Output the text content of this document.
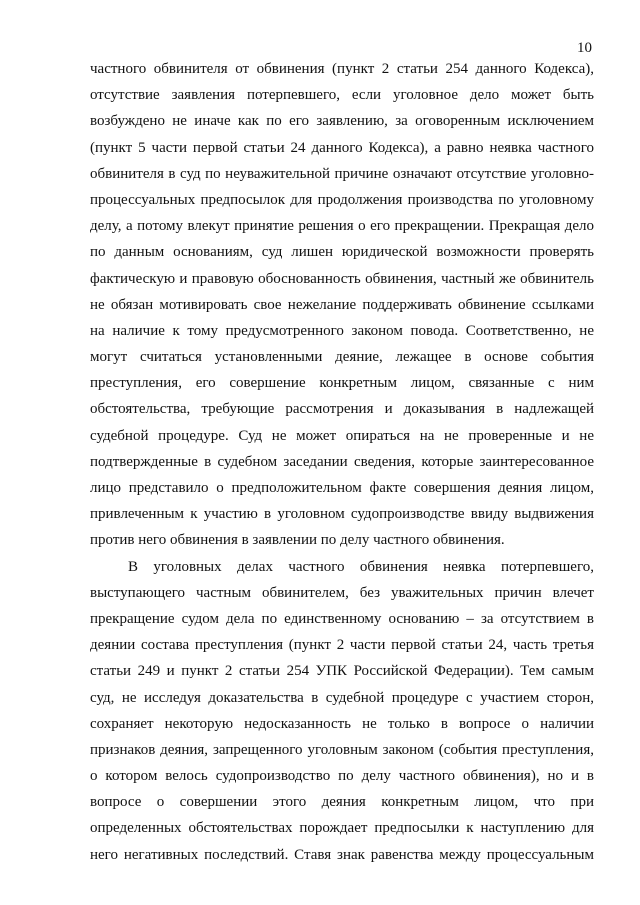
10
частного обвинителя от обвинения (пункт 2 статьи 254 данного Кодекса),
отсутствие заявления потерпевшего, если уголовное дело может быть
возбуждено не иначе как по его заявлению, за оговоренным исключением
(пункт 5 части первой статьи 24 данного Кодекса), а равно неявка частного
обвинителя в суд по неуважительной причине означают отсутствие уголовно-
процессуальных предпосылок для продолжения производства по уголовному
делу, а потому влекут принятие решения о его прекращении. Прекращая дело
по данным основаниям, суд лишен юридической возможности проверять
фактическую и правовую обоснованность обвинения, частный же обвинитель
не обязан мотивировать свое нежелание поддерживать обвинение ссылками
на наличие к тому предусмотренного законом повода. Соответственно, не
могут считаться установленными деяние, лежащее в основе события
преступления, его совершение конкретным лицом, связанные с ним
обстоятельства, требующие рассмотрения и доказывания в надлежащей
судебной процедуре. Суд не может опираться на не проверенные и не
подтвержденные в судебном заседании сведения, которые заинтересованное
лицо представило о предположительном факте совершения деяния лицом,
привлеченным к участию в уголовном судопроизводстве ввиду выдвижения
против него обвинения в заявлении по делу частного обвинения.
В уголовных делах частного обвинения неявка потерпевшего,
выступающего частным обвинителем, без уважительных причин влечет
прекращение судом дела по единственному основанию – за отсутствием в
деянии состава преступления (пункт 2 части первой статьи 24, часть третья
статьи 249 и пункт 2 статьи 254 УПК Российской Федерации). Тем самым
суд, не исследуя доказательства в судебной процедуре с участием сторон,
сохраняет некоторую недосказанность не только в вопросе о наличии
признаков деяния, запрещенного уголовным законом (события преступления,
о котором велось судопроизводство по делу частного обвинения), но и в
вопросе о совершении этого деяния конкретным лицом, что при
определенных обстоятельствах порождает предпосылки к наступлению для
него негативных последствий. Ставя знак равенства между процессуальным
